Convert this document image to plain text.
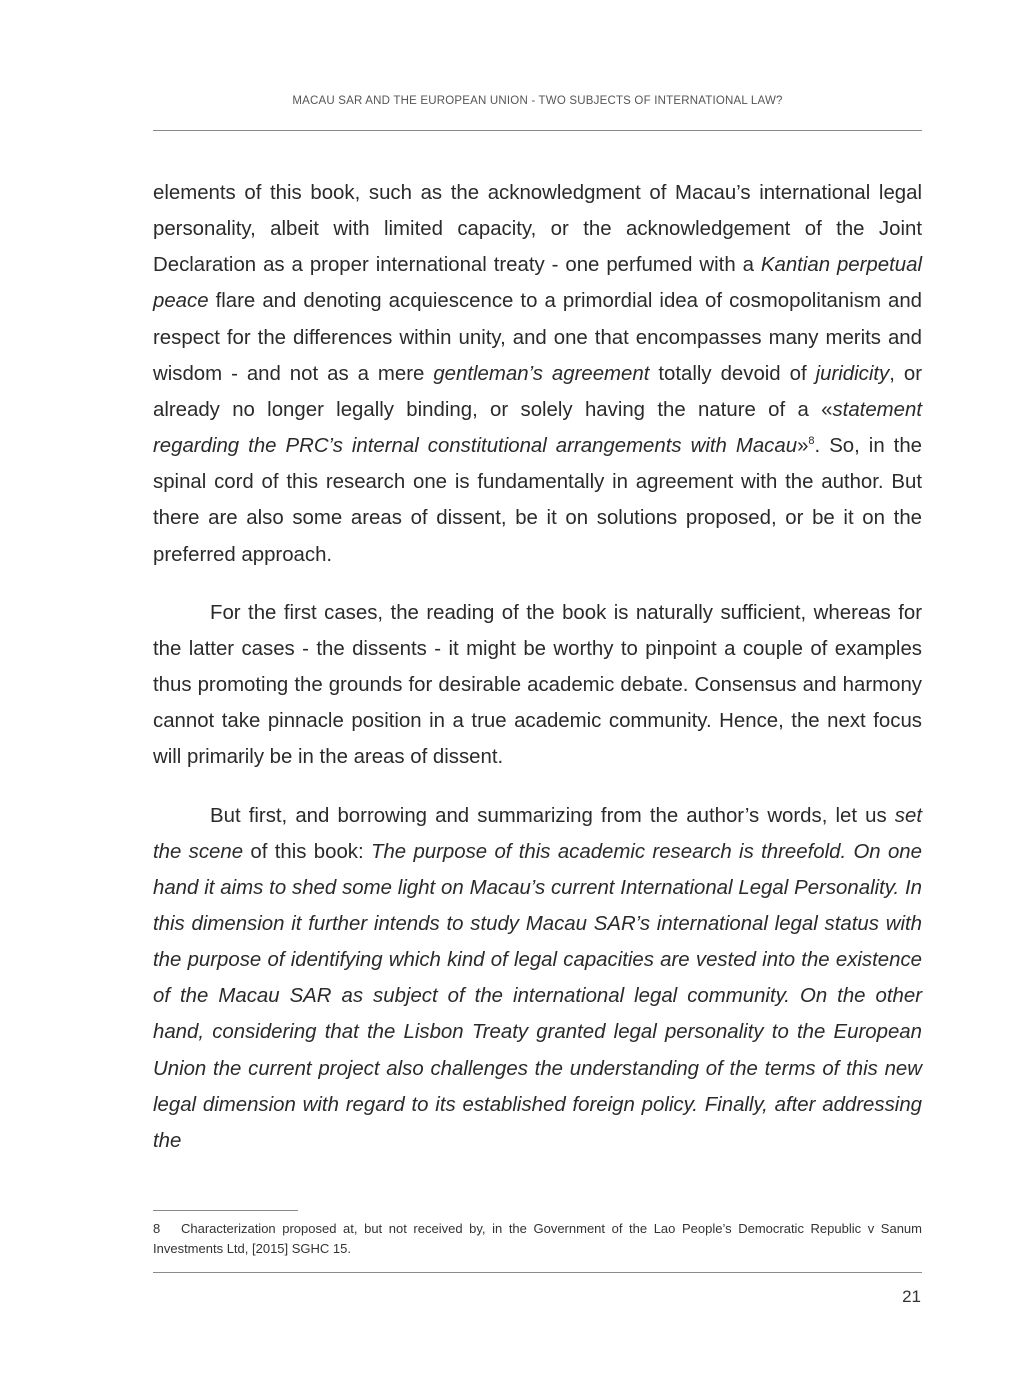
MACAU SAR AND THE EUROPEAN UNION - TWO SUBJECTS OF INTERNATIONAL LAW?

elements of this book, such as the acknowledgment of Macau’s international legal personality, albeit with limited capacity, or the acknowledgement of the Joint Declaration as a proper international treaty - one perfumed with a Kantian perpetual peace flare and denoting acquiescence to a primordial idea of cosmopolitanism and respect for the differences within unity, and one that encompasses many merits and wisdom - and not as a mere gentleman’s agreement totally devoid of juridicity, or already no longer legally binding, or solely having the nature of a «statement regarding the PRC’s internal constitutional arrangements with Macau»$^8$. So, in the spinal cord of this research one is fundamentally in agreement with the author. But there are also some areas of dissent, be it on solutions proposed, or be it on the preferred approach.

For the first cases, the reading of the book is naturally sufficient, whereas for the latter cases - the dissents - it might be worthy to pinpoint a couple of examples thus promoting the grounds for desirable academic debate. Consensus and harmony cannot take pinnacle position in a true academic community. Hence, the next focus will primarily be in the areas of dissent.

But first, and borrowing and summarizing from the author’s words, let us set the scene of this book: The purpose of this academic research is threefold. On one hand it aims to shed some light on Macau’s current International Legal Personality. In this dimension it further intends to study Macau SAR’s international legal status with the purpose of identifying which kind of legal capacities are vested into the existence of the Macau SAR as subject of the international legal community. On the other hand, considering that the Lisbon Treaty granted legal personality to the European Union the current project also challenges the understanding of the terms of this new legal dimension with regard to its established foreign policy. Finally, after addressing the

8 Characterization proposed at, but not received by, in the Government of the Lao People’s Democratic Republic v Sanum Investments Ltd, [2015] SGHC 15.
21
